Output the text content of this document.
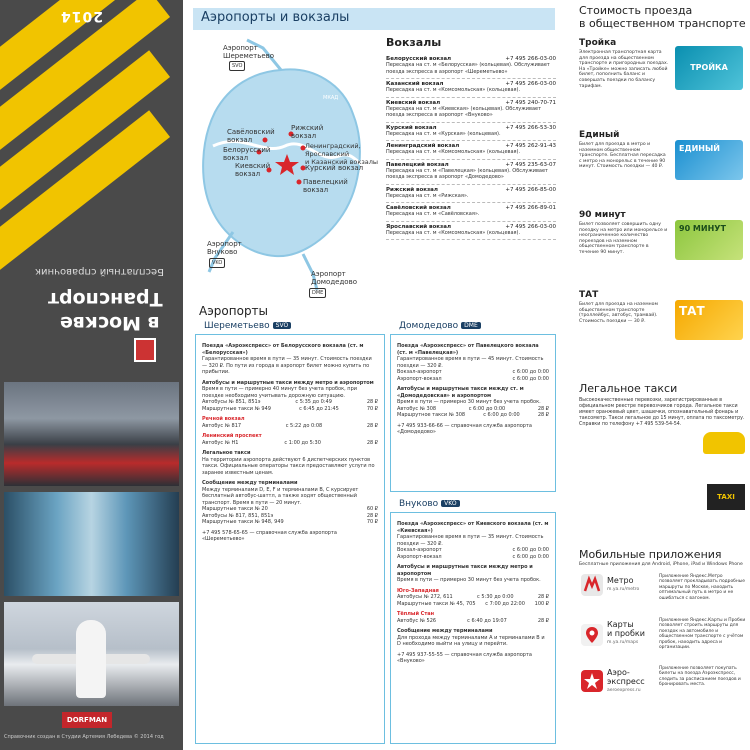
2014
в Москве
Транспорт
Бесплатный справочник
DORFMAN
Справочник создан в Студии Артемия Лебедева © 2014 год
Аэропорты и вокзалы
Аэропорт
Шереметьево
SVO
Савёловский
вокзал
Рижский
вокзал
Белорусский
вокзал
Ленинградский,
Ярославский
и Казанский вокзалы
Киевский
вокзал
Курский вокзал
Павелецкий
вокзал
МКАД
Аэропорт
Внуково
VKO
Аэропорт
Домодедово
DME
Вокзалы
Белорусский вокзал	+7 495 266-03-00
Пересадка на ст. м «Белорусская» (кольцевая). Обслуживает поезда экспресса в аэропорт «Шереметьево»
Казанский вокзал	+7 495 266-03-00
Пересадка на ст. м «Комсомольская» (кольцевая).
Киевский вокзал	+7 495 240-70-71
Пересадка на ст. м «Киевская» (кольцевая). Обслуживает поезда экспресса в аэропорт «Внуково»
Курский вокзал	+7 495 266-53-30
Пересадка на ст. м «Курская» (кольцевая).
Ленинградский вокзал	+7 495 262-91-43
Пересадка на ст. м «Комсомольская» (кольцевая).
Павелецкий вокзал	+7 495 235-63-07
Пересадка на ст. м «Павелецкая» (кольцевая). Обслуживает поезда экспресса в аэропорт «Домодедово»
Рижский вокзал	+7 495 266-85-00
Пересадка на ст. м «Рижская».
Савёловский вокзал	+7 495 266-89-01
Пересадка на ст. м «Савёловская».
Ярославский вокзал	+7 495 266-03-00
Пересадка на ст. м «Комсомольская» (кольцевая).
Аэропорты
Шереметьево SVO
Поезда «Аэроэкспресс» от Белорусского вокзала (ст. м «Белорусская»)
Гарантированное время в пути — 35 минут. Стоимость поездки — 320 ₽. По пути из города в аэропорт билет можно купить по прибытии.
Автобусы и маршрутные такси между метро и аэропортом
Время в пути — примерно 40 минут без учета пробок, при поездке необходимо учитывать дорожную ситуацию.
Автобусы № 851, 851э	с 5:35 до 0:49	28 ₽
Маршрутные такси № 949	с 6:45 до 21:45	70 ₽
Речной вокзал
Автобус № 817	с 5:22 до 0:08	28 ₽
Ленинский проспект
Автобус № Н1	с 1:00 до 5:30	28 ₽
Легальное такси
На территории аэропорта действуют 6 диспетчерских пунктов такси. Официальные операторы такси предоставляют услуги по заранее известным ценам.
Сообщение между терминалами
Между терминалами D, E, F и терминалами B, C курсирует бесплатный автобус-шаттл, а также ходят общественный транспорт. Время в пути — 20 минут.
Маршрутные такси № 20	60 ₽
Автобусы № 817, 851, 851э	28 ₽
Маршрутные такси № 948, 949	70 ₽
+7 495 578-65-65 — справочная служба аэропорта «Шереметьево»
Домодедово DME
Поезда «Аэроэкспресс» от Павелецкого вокзала (ст. м «Павелецкая»)
Гарантированное время в пути — 45 минут. Стоимость поездки — 320 ₽.
Вокзал-аэропорт	с 6:00 до 0:00
Аэропорт-вокзал	с 6:00 до 0:00
Автобусы и маршрутные такси между ст. м «Домодедовская» и аэропортом
Время в пути — примерно 30 минут без учета пробок.
Автобус № 308	с 6:00 до 0:00	28 ₽
Маршрутное такси № 308	с 6:00 до 0:00	28 ₽
+7 495 933-66-66 — справочная служба аэропорта «Домодедово»
Внуково VKO
Поезда «Аэроэкспресс» от Киевского вокзала (ст. м «Киевская»)
Гарантированное время в пути — 35 минут. Стоимость поездки — 320 ₽.
Вокзал-аэропорт	с 6:00 до 0:00
Аэропорт-вокзал	с 6:00 до 0:00
Автобусы и маршрутные такси между метро и аэропортом
Время в пути — примерно 30 минут без учета пробок.
Юго-Западная
Автобусы № 272, 611	с 5:30 до 0:00	28 ₽
Маршрутные такси № 45, 705 с 7:00 до 22:00 100 ₽
Тёплый Стан
Автобус № 526	с 6:40 до 19:07	28 ₽
Сообщение между терминалами
Для прохода между терминалами А и терминалами В и D необходимо выйти на улицу и перейти.
+7 495 937-55-55 — справочная служба аэропорта «Внуково»
Стоимость проезда
в общественном транспорте
Тройка
Электронная транспортная карта для проезда на общественном транспорте и пригородных поездах. На «Тройке» можно записать любой билет, пополнить баланс и совершать поездки по балансу тарифам.
ТРОЙКА
Единый
Билет для проезда в метро и наземном общественном транспорте. Бесплатная пересадка с метро на монорельс в течение 90 минут. Стоимость поездки — 40 ₽.
ЕДИНЫЙ
90 минут
Билет позволяет совершить одну поездку на метро или монорельсе и неограниченное количество переездов на наземном общественном транспорте в течение 90 минут.
90 МИНУТ
ТАТ
Билет для проезда на наземном общественном транспорте (троллейбус, автобус, трамвай). Стоимость поездки — 30 ₽.
ТАТ
Легальное такси
Высококачественные перевозки, зарегистрированные в официальном реестре перевозчиков города. Легальное такси имеет оранжевый цвет, шашечки, опознавательный фонарь и таксометр. Такси легальное до 15 минут, оплата по таксометру. Справки по телефону +7 495 539-54-54.
TAXI
Мобильные приложения
Бесплатные приложения для Android, iPhone, iPad и Windows Phone
Метро
m.ya.ru/metro
Приложение Яндекс.Метро позволяет прокладывать подробные маршруты по Москве, находить оптимальный путь в метро и не ошибаться с вагоном.
Карты
и пробки
m.ya.ru/maps
Приложение Яндекс.Карты и Пробки позволяет строить маршруты для поездок на автомобиле и общественном транспорте с учётом пробок, находить адреса и организации.
Аэро-
экспресс
aeroexpress.ru
Приложение позволяет покупать билеты на поезда Аэроэкспресс, следить за расписанием поездов и бронировать места.
